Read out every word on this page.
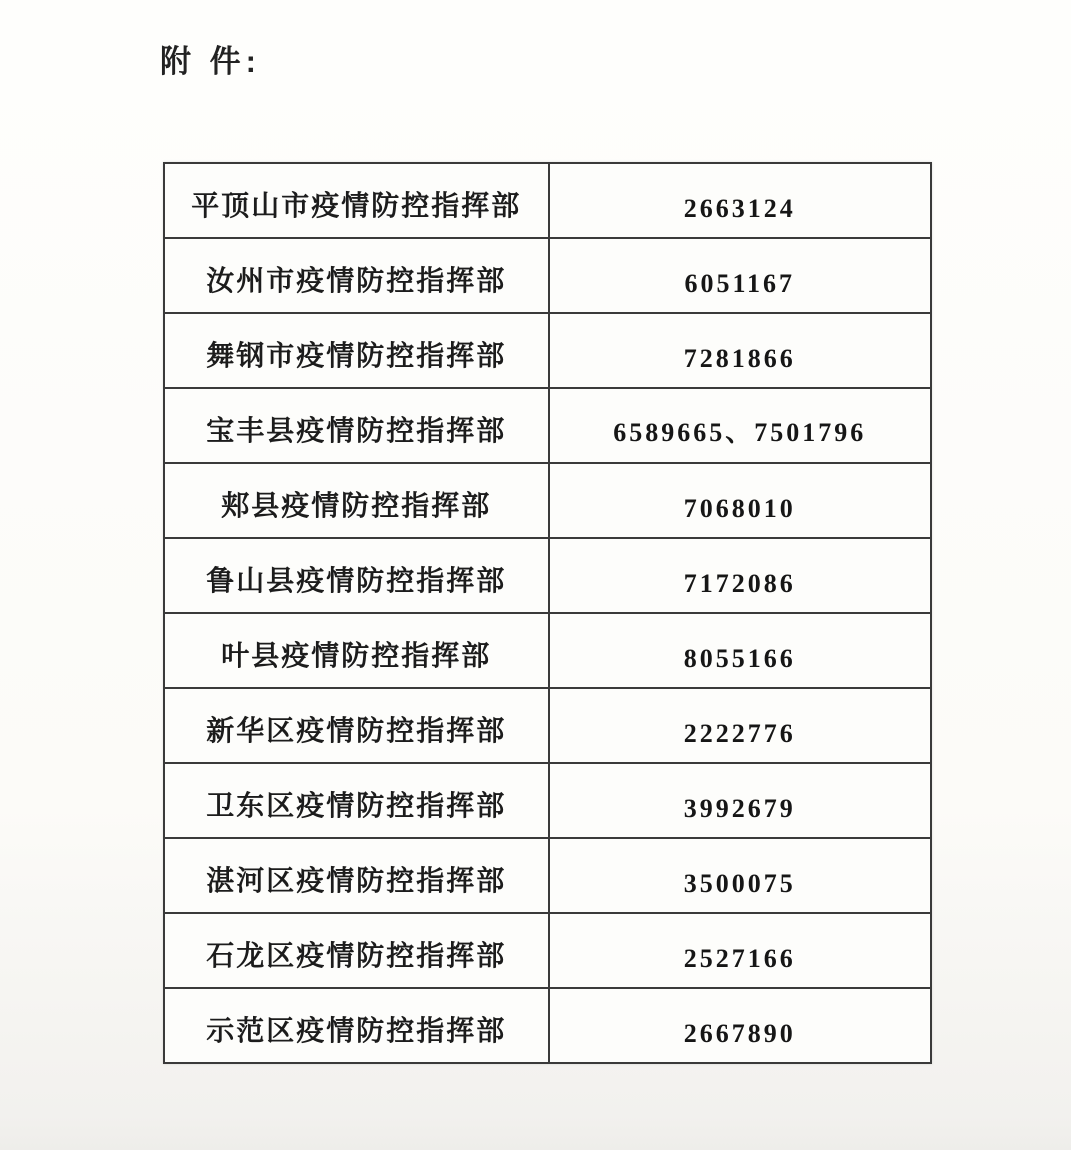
附 件:
平顶山市疫情防控指挥部	2663124
汝州市疫情防控指挥部	6051167
舞钢市疫情防控指挥部	7281866
宝丰县疫情防控指挥部	6589665、7501796
郏县疫情防控指挥部	7068010
鲁山县疫情防控指挥部	7172086
叶县疫情防控指挥部	8055166
新华区疫情防控指挥部	2222776
卫东区疫情防控指挥部	3992679
湛河区疫情防控指挥部	3500075
石龙区疫情防控指挥部	2527166
示范区疫情防控指挥部	2667890
